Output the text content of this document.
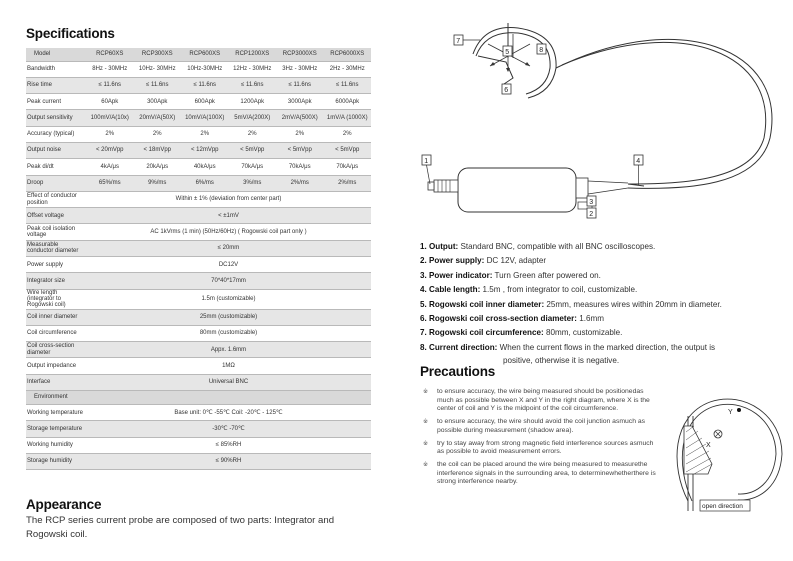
Specifications
Model	RCP60XS	RCP300XS	RCP600XS	RCP1200XS	RCP3000XS	RCP6000XS
Bandwidth	8Hz - 30MHz	10Hz- 30MHz	10Hz-30MHz	12Hz - 30MHz	3Hz - 30MHz	2Hz - 30MHz
Rise time	≤ 11.6ns	≤ 11.6ns	≤ 11.6ns	≤ 11.6ns	≤ 11.6ns	≤ 11.6ns
Peak current	60Apk	300Apk	600Apk	1200Apk	3000Apk	6000Apk
Output sensitivity	100mV/A(10x)	20mV/A(50X)	10mV/A(100X)	5mV/A(200X)	2mV/A(500X)	1mV/A (1000X)
Accuracy (typical)	2%	2%	2%	2%	2%	2%
Output noise	< 20mVpp	< 18mVpp	< 12mVpp	< 5mVpp	< 5mVpp	< 5mVpp
Peak di/dt	4kA/μs	20kA/μs	40kA/μs	70kA/μs	70kA/μs	70kA/μs
Droop	65%/ms	9%/ms	6%/ms	3%/ms	2%/ms	2%/ms
Effect of conductor position	Within ± 1% (deviation from center part)					
Offset voltage	< ±1mV					
Peak coil isolation voltage	AC 1kVrms (1 min) (50Hz/60Hz) ( Rogowski coil part only )					
Measurable conductor diameter	≤ 20mm					
Power supply	DC12V					
Integrator size	70*40*17mm					
Wire length (integrator to Rogowski coil)	1.5m (customizable)					
Coil inner diameter	25mm (customizable)					
Coil circumference	80mm (customizable)					
Coil cross-section diameter	Appx. 1.6mm					
Output impedance	1MΩ					
Interface	Universal BNC					
Environment						
Working temperature	Base unit: 0℃ -55℃ Coil: -20℃ - 125℃					
Storage temperature	-30℃ -70℃					
Working humidity	≤ 85%RH					
Storage humidity	≤ 90%RH					
Appearance
The RCP series current probe are composed of two parts: Integrator and Rogowski coil.
7
5	8
6
1	4
3
2
1. Output: Standard BNC, compatible with all BNC oscilloscopes.
2. Power supply: DC 12V, adapter
3. Power indicator: Turn Green after powered on.
4. Cable length: 1.5m , from integrator to coil, customizable.
5. Rogowski coil inner diameter: 25mm, measures wires within 20mm in diameter.
6. Rogowski coil cross-section diameter: 1.6mm
7. Rogowski coil circumference: 80mm, customizable.
8. Current direction: When the current flows in the marked direction, the output is
positive, otherwise it is negative.
Precautions
※ to ensure accuracy, the wire being measured should be positionedas much as possible between X and Y in the right diagram, where X is the center of coil and Y is the midpoint of the coil circumference.
※ to ensure accuracy, the wire should avoid the coil junction asmuch as possible during measurement (shadow area).
※ try to stay away from strong magnetic field interference sources asmuch as possible to avoid measurement errors.
※ the coil can be placed around the wire being measured to measurethe interference signals in the surrounding area, to determinewhetherthere is strong interference nearby.
Y
X
open direction
